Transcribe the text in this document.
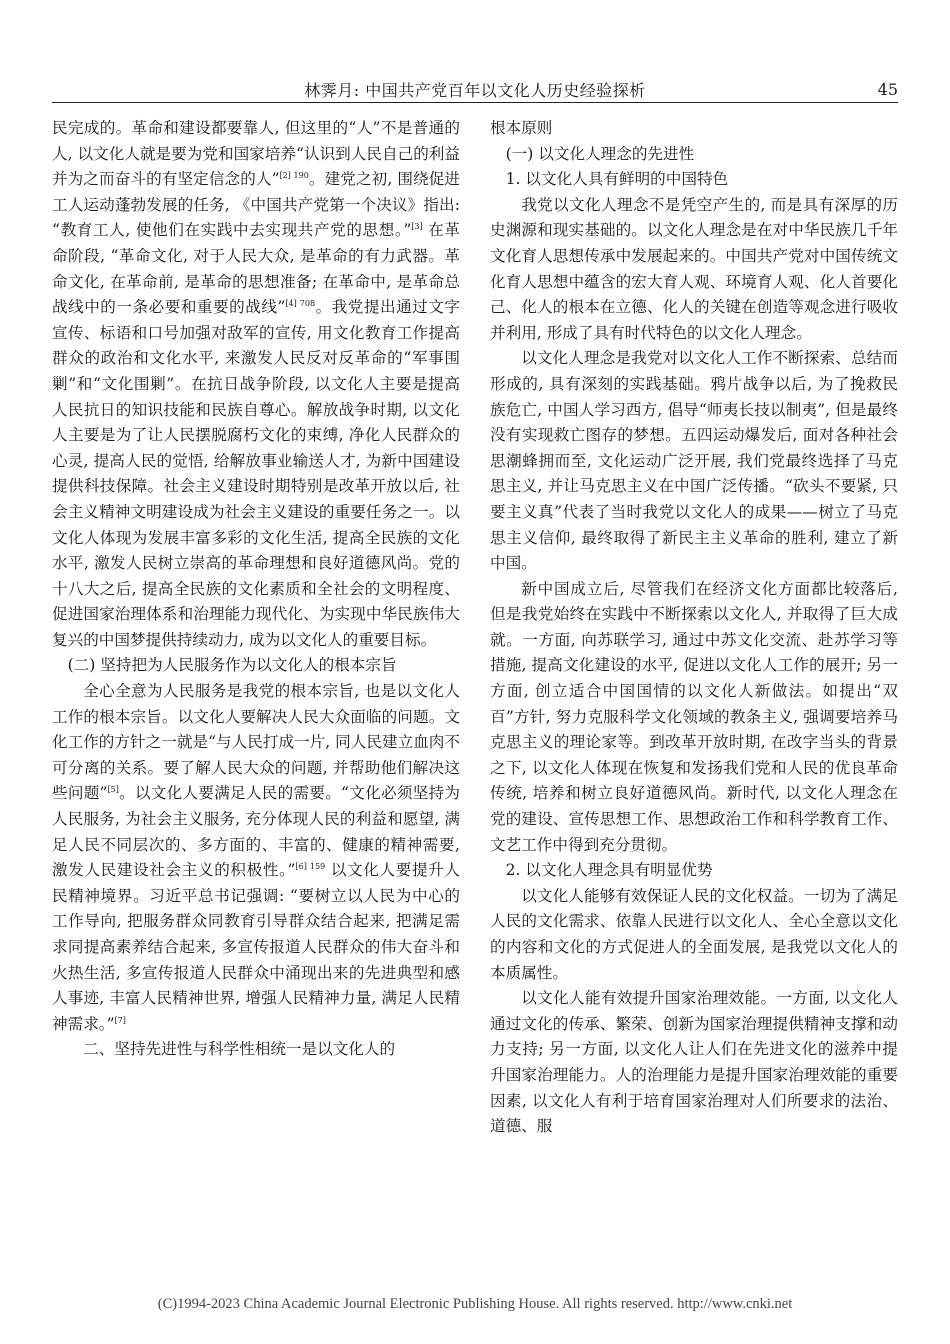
林霁月: 中国共产党百年以文化人历史经验探析	45

民完成的。革命和建设都要靠人, 但这里的“人”不是普通的人, 以文化人就是要为党和国家培养“认识到人民自己的利益并为之而奋斗的有坚定信念的人”$^{[2] 190}$。建党之初, 围绕促进工人运动蓬勃发展的任务, 《中国共产党第一个决议》指出: “教育工人, 使他们在实践中去实现共产党的思想。”[3] 在革命阶段, “革命文化, 对于人民大众, 是革命的有力武器。革命文化, 在革命前, 是革命的思想准备; 在革命中, 是革命总战线中的一条必要和重要的战线”$^{[4] 708}$。我党提出通过文字宣传、标语和口号加强对敌军的宣传, 用文化教育工作提高群众的政治和文化水平, 来激发人民反对反革命的“军事围剿”和“文化围剿”。在抗日战争阶段, 以文化人主要是提高人民抗日的知识技能和民族自尊心。解放战争时期, 以文化人主要是为了让人民摆脱腐朽文化的束缚, 净化人民群众的心灵, 提高人民的觉悟, 给解放事业输送人才, 为新中国建设提供科技保障。社会主义建设时期特别是改革开放以后, 社会主义精神文明建设成为社会主义建设的重要任务之一。以文化人体现为发展丰富多彩的文化生活, 提高全民族的文化水平, 激发人民树立崇高的革命理想和良好道德风尚。党的十八大之后, 提高全民族的文化素质和全社会的文明程度、促进国家治理体系和治理能力现代化、为实现中华民族伟大复兴的中国梦提供持续动力, 成为以文化人的重要目标。

(二) 坚持把为人民服务作为以文化人的根本宗旨

全心全意为人民服务是我党的根本宗旨, 也是以文化人工作的根本宗旨。以文化人要解决人民大众面临的问题。文化工作的方针之一就是“与人民打成一片, 同人民建立血肉不可分离的关系。要了解人民大众的问题, 并帮助他们解决这些问题”[5]。以文化人要满足人民的需要。“文化必须坚持为人民服务, 为社会主义服务, 充分体现人民的利益和愿望, 满足人民不同层次的、多方面的、丰富的、健康的精神需要, 激发人民建设社会主义的积极性。”$^{[6] 159}$ 以文化人要提升人民精神境界。习近平总书记强调: “要树立以人民为中心的工作导向, 把服务群众同教育引导群众结合起来, 把满足需求同提高素养结合起来, 多宣传报道人民群众的伟大奋斗和火热生活, 多宣传报道人民群众中涌现出来的先进典型和感人事迹, 丰富人民精神世界, 增强人民精神力量, 满足人民精神需求。”[7]

二、坚持先进性与科学性相统一是以文化人的

根本原则

(一) 以文化人理念的先进性

1. 以文化人具有鲜明的中国特色

我党以文化人理念不是凭空产生的, 而是具有深厚的历史渊源和现实基础的。以文化人理念是在对中华民族几千年文化育人思想传承中发展起来的。中国共产党对中国传统文化育人思想中蕴含的宏大育人观、环境育人观、化人首要化己、化人的根本在立德、化人的关键在创造等观念进行吸收并利用, 形成了具有时代特色的以文化人理念。

以文化人理念是我党对以文化人工作不断探索、总结而形成的, 具有深刻的实践基础。鸦片战争以后, 为了挽救民族危亡, 中国人学习西方, 倡导“师夷长技以制夷”, 但是最终没有实现救亡图存的梦想。五四运动爆发后, 面对各种社会思潮蜂拥而至, 文化运动广泛开展, 我们党最终选择了马克思主义, 并让马克思主义在中国广泛传播。“砍头不要紧, 只要主义真”代表了当时我党以文化人的成果——树立了马克思主义信仰, 最终取得了新民主主义革命的胜利, 建立了新中国。

新中国成立后, 尽管我们在经济文化方面都比较落后, 但是我党始终在实践中不断探索以文化人, 并取得了巨大成就。一方面, 向苏联学习, 通过中苏文化交流、赴苏学习等措施, 提高文化建设的水平, 促进以文化人工作的展开; 另一方面, 创立适合中国国情的以文化人新做法。如提出“双百”方针, 努力克服科学文化领域的教条主义, 强调要培养马克思主义的理论家等。到改革开放时期, 在改字当头的背景之下, 以文化人体现在恢复和发扬我们党和人民的优良革命传统, 培养和树立良好道德风尚。新时代, 以文化人理念在党的建设、宣传思想工作、思想政治工作和科学教育工作、文艺工作中得到充分贯彻。

2. 以文化人理念具有明显优势

以文化人能够有效保证人民的文化权益。一切为了满足人民的文化需求、依靠人民进行以文化人、全心全意以文化的内容和文化的方式促进人的全面发展, 是我党以文化人的本质属性。

以文化人能有效提升国家治理效能。一方面, 以文化人通过文化的传承、繁荣、创新为国家治理提供精神支撑和动力支持; 另一方面, 以文化人让人们在先进文化的滋养中提升国家治理能力。人的治理能力是提升国家治理效能的重要因素, 以文化人有利于培育国家治理对人们所要求的法治、道德、服

(C)1994-2023 China Academic Journal Electronic Publishing House. All rights reserved. http://www.cnki.net
